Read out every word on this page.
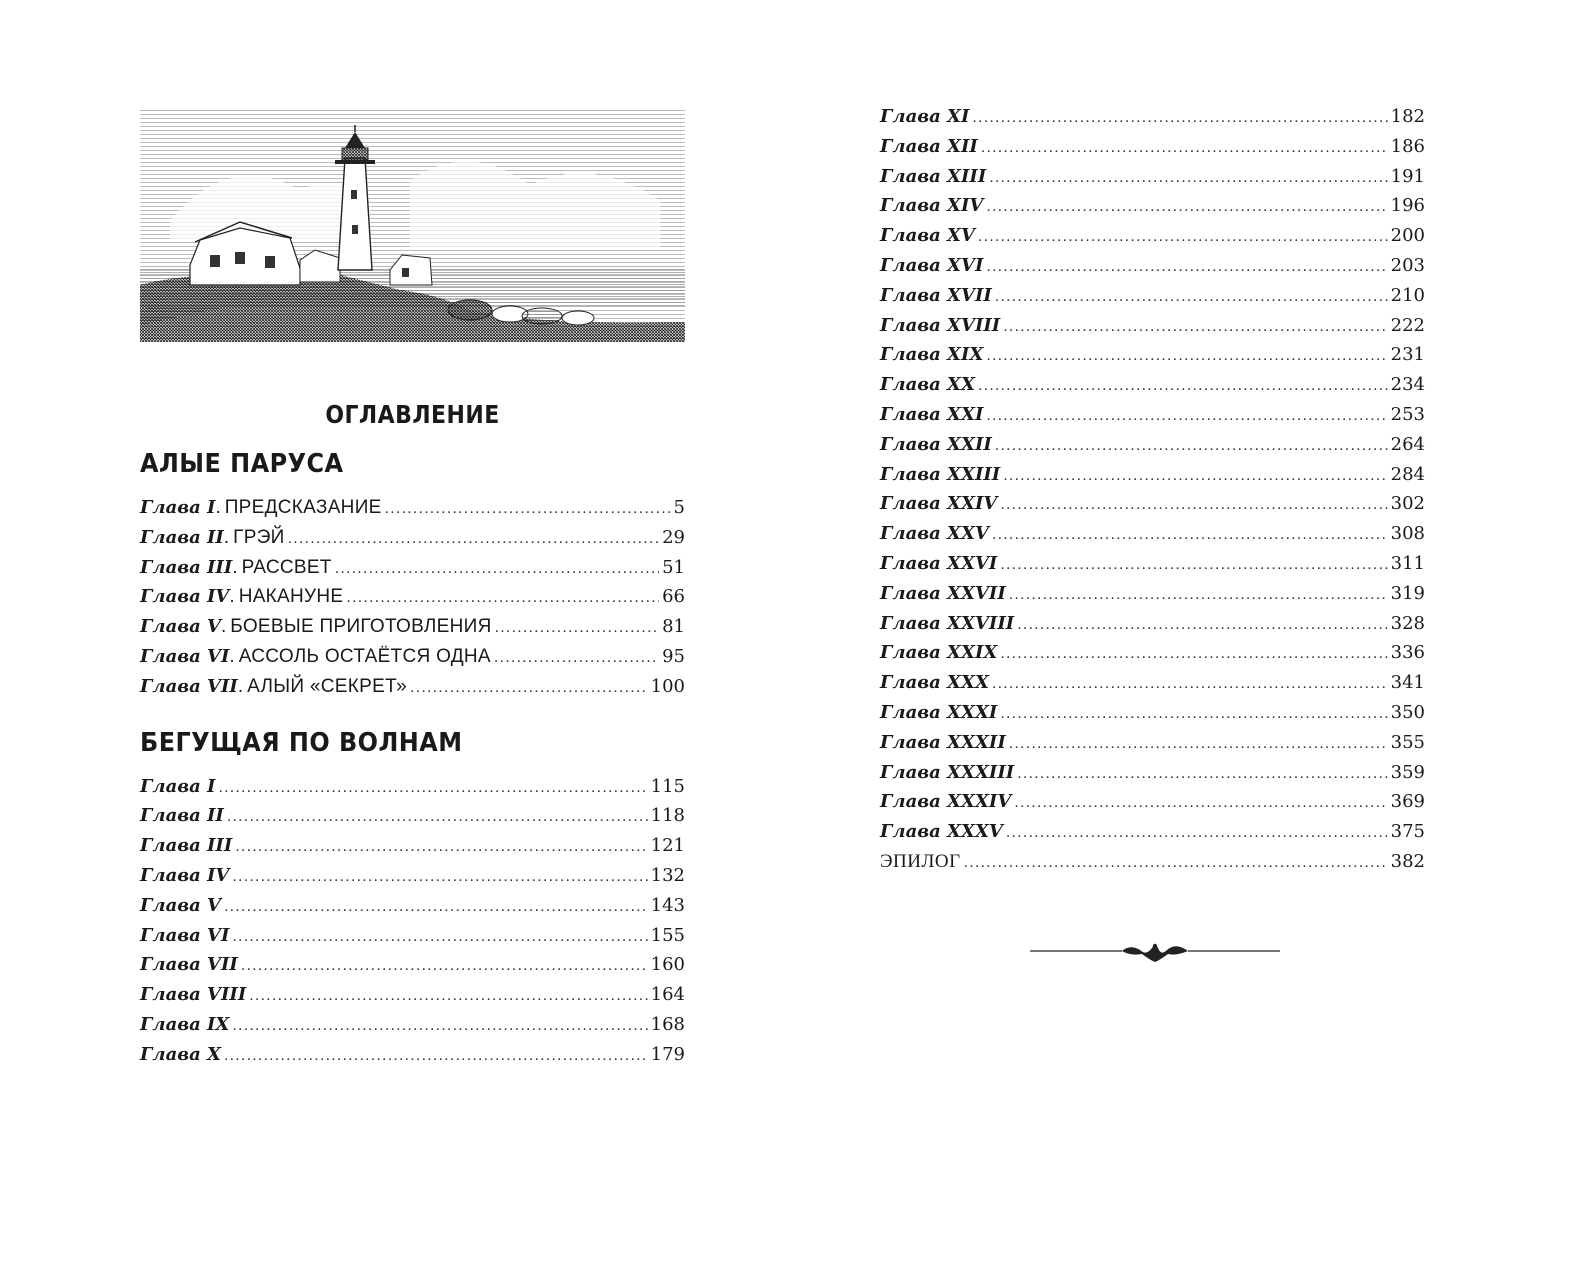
ОГЛАВЛЕНИЕ
АЛЫЕ ПАРУСА
Глава I . ПРЕДСКАЗАНИЕ .....	5
Глава II . ГРЭЙ .....	29
Глава III . РАССВЕТ .....	51
Глава IV . НАКАНУНЕ .....	66
Глава V . БОЕВЫЕ ПРИГОТОВЛЕНИЯ .....	81
Глава VI . АССОЛЬ ОСТАЁТСЯ ОДНА .....	95
Глава VII . АЛЫЙ «СЕКРЕТ» .....	100
БЕГУЩАЯ ПО ВОЛНАМ
Глава I .....	115
Глава II .....	118
Глава III .....	121
Глава IV .....	132
Глава V .....	143
Глава VI .....	155
Глава VII .....	160
Глава VIII .....	164
Глава IX .....	168
Глава X .....	179
Глава XI .....	182
Глава XII .....	186
Глава XIII .....	191
Глава XIV .....	196
Глава XV .....	200
Глава XVI .....	203
Глава XVII .....	210
Глава XVIII .....	222
Глава XIX .....	231
Глава XX .....	234
Глава XXI .....	253
Глава XXII .....	264
Глава XXIII .....	284
Глава XXIV .....	302
Глава XXV .....	308
Глава XXVI .....	311
Глава XXVII .....	319
Глава XXVIII .....	328
Глава XXIX .....	336
Глава XXX .....	341
Глава XXXI .....	350
Глава XXXII .....	355
Глава XXXIII .....	359
Глава XXXIV .....	369
Глава XXXV .....	375
ЭПИЛОГ .....	382
